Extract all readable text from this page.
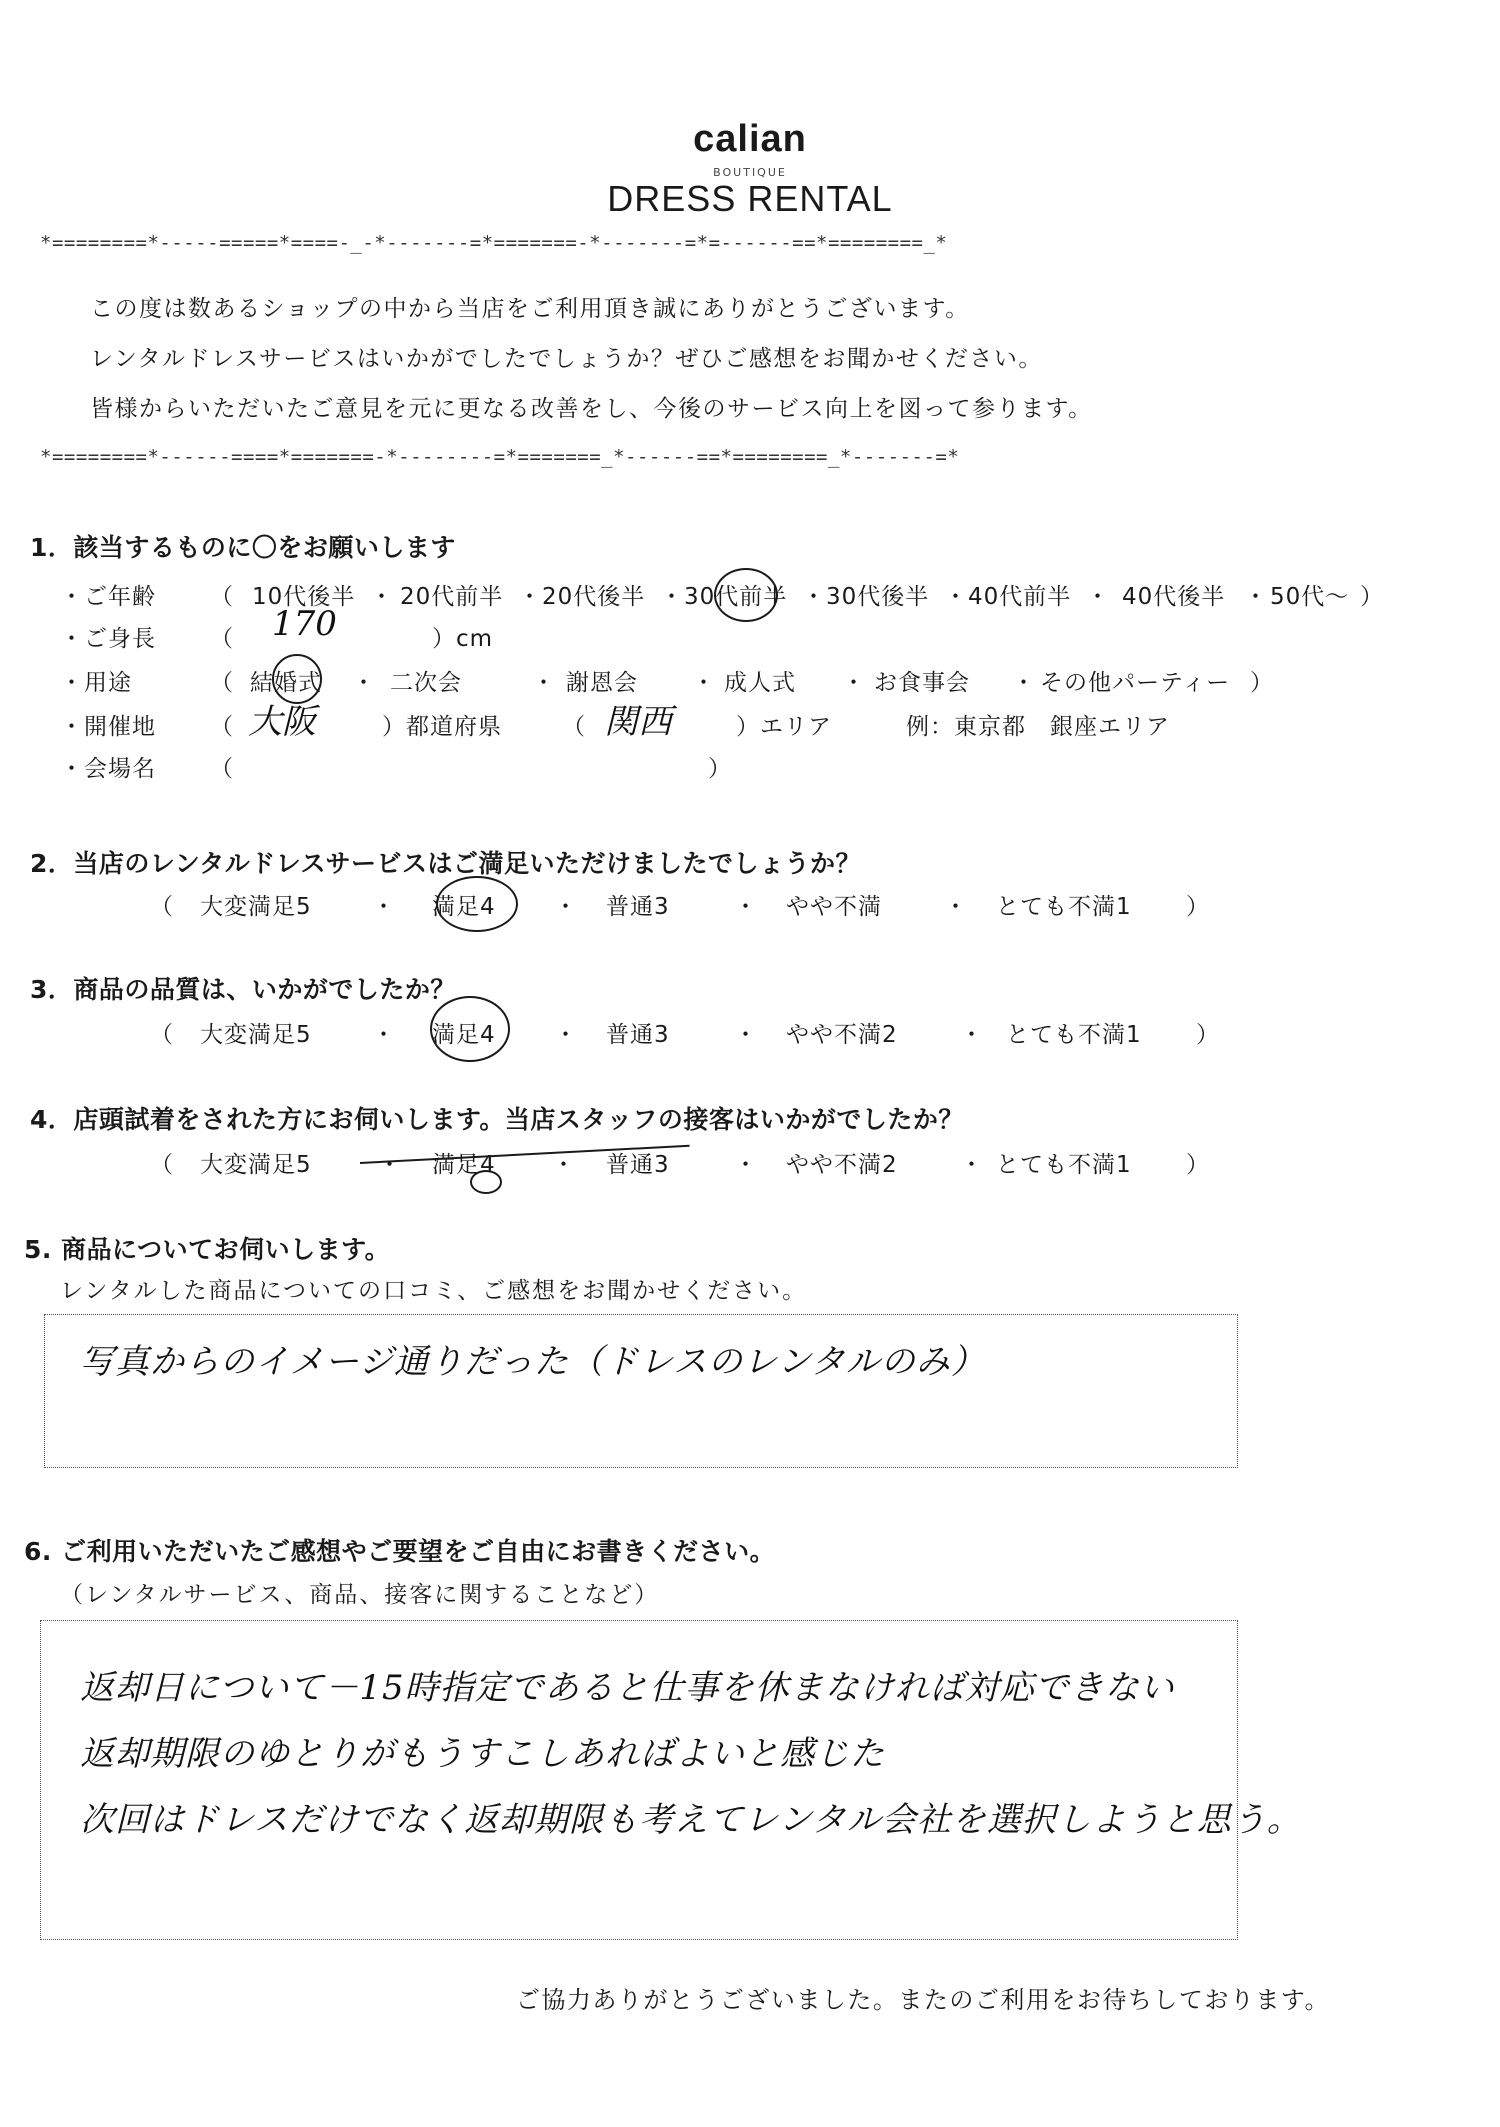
calian
BOUTIQUE
DRESS RENTAL
*========*-----=====*====-_-*-------=*=======-*-------=*=------==*========_*
この度は数あるショップの中から当店をご利用頂き誠にありがとうございます。
レンタルドレスサービスはいかがでしたでしょうか？ぜひご感想をお聞かせください。
皆様からいただいたご意見を元に更なる改善をし、今後のサービス向上を図って参ります。
*========*------====*=======-*--------=*=======_*------==*========_*-------=*
1．該当するものに〇をお願いします
・ご年齢 （ 10代後半 ・ 20代前半 ・ 20代後半 ・ 30代前半 ・ 30代後半 ・ 40代前半 ・ 40代後半 ・ 50代〜 ）
・ご身長 （ 170	）cm
・用途	（ 結婚式 ・ 二次会	・ 謝恩会 ・ 成人式 ・ お食事会 ・ その他パーティー ）
・開催地 （ 大阪	）都道府県	（ 関西	）エリア	例：東京都　銀座エリア
・会場名 （	）
2．当店のレンタルドレスサービスはご満足いただけましたでしょうか？
（ 大変満足5	・ 満足4	・ 普通3	・ やや不満	・ とても不満1 ）
3．商品の品質は、いかがでしたか？
（ 大変満足5	・ 満足4	・ 普通3	・ やや不満2	・ とても不満1 ）
4．店頭試着をされた方にお伺いします。当店スタッフの接客はいかがでしたか？
（ 大変満足5	・ 満足4 ・ 普通3	・ やや不満2	・ とても不満1 ）
5. 商品についてお伺いします。
レンタルした商品についての口コミ、ご感想をお聞かせください。
写真からのイメージ通りだった（ドレスのレンタルのみ）
6. ご利用いただいたご感想やご要望をご自由にお書きください。
（レンタルサービス、商品、接客に関することなど）
返却日について－15時指定であると仕事を休まなければ対応できない
返却期限のゆとりがもうすこしあればよいと感じた
次回はドレスだけでなく返却期限も考えてレンタル会社を選択しようと思う。
ご協力ありがとうございました。またのご利用をお待ちしております。
